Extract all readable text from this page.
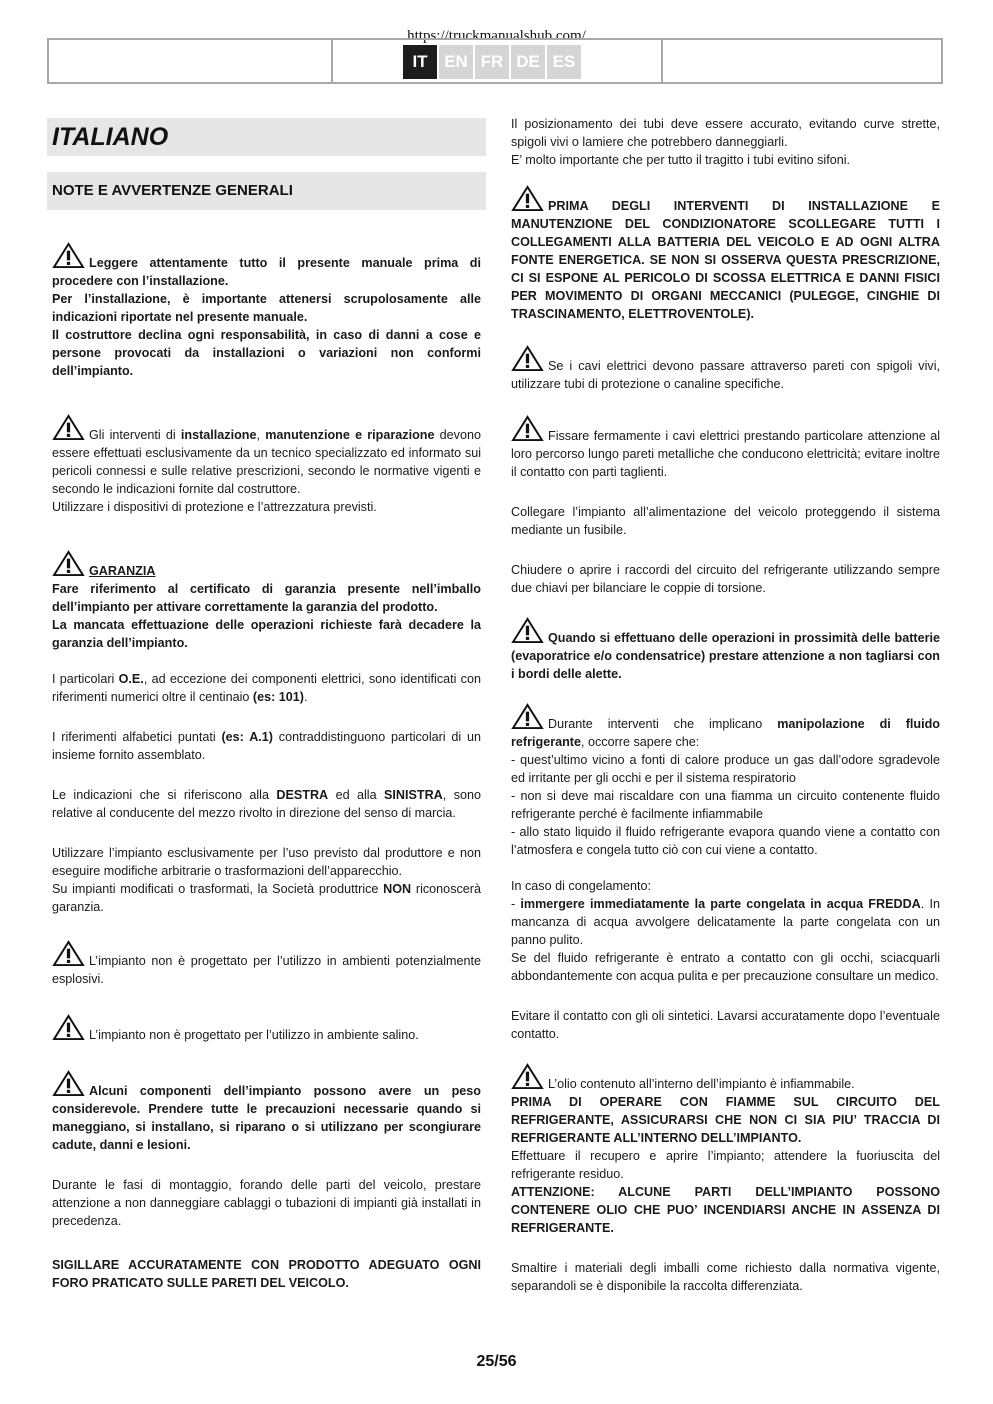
https://truckmanualshub.com/
IT EN FR DE ES
ITALIANO
NOTE E AVVERTENZE GENERALI

Leggere attentamente tutto il presente manuale prima di procedere con l’installazione.
Per l’installazione, è importante attenersi scrupolosamente alle indicazioni riportate nel presente manuale.
Il costruttore declina ogni responsabilità, in caso di danni a cose e persone provocati da installazioni o variazioni non conformi dell’impianto.

Gli interventi di installazione, manutenzione e riparazione devono essere effettuati esclusivamente da un tecnico specializzato ed informato sui pericoli connessi e sulle relative prescrizioni, secondo le normative vigenti e secondo le indicazioni fornite dal costruttore.
Utilizzare i dispositivi di protezione e l’attrezzatura previsti.

GARANZIA
Fare riferimento al certificato di garanzia presente nell’imballo dell’impianto per attivare correttamente la garanzia del prodotto.
La mancata effettuazione delle operazioni richieste farà decadere la garanzia dell’impianto.

I particolari O.E., ad eccezione dei componenti elettrici, sono identificati con riferimenti numerici oltre il centinaio (es: 101).

I riferimenti alfabetici puntati (es: A.1) contraddistinguono particolari di un insieme fornito assemblato.

Le indicazioni che si riferiscono alla DESTRA ed alla SINISTRA, sono relative al conducente del mezzo rivolto in direzione del senso di marcia.

Utilizzare l’impianto esclusivamente per l’uso previsto dal produttore e non eseguire modifiche arbitrarie o trasformazioni dell’apparecchio.
Su impianti modificati o trasformati, la Società produttrice NON riconoscerà garanzia.

L’impianto non è progettato per l’utilizzo in ambienti potenzialmente esplosivi.

L’impianto non è progettato per l’utilizzo in ambiente salino.

Alcuni componenti dell’impianto possono avere un peso considerevole. Prendere tutte le precauzioni necessarie quando si maneggiano, si installano, si riparano o si utilizzano per scongiurare cadute, danni e lesioni.

Durante le fasi di montaggio, forando delle parti del veicolo, prestare attenzione a non danneggiare cablaggi o tubazioni di impianti già installati in precedenza.

SIGILLARE ACCURATAMENTE CON PRODOTTO ADEGUATO OGNI FORO PRATICATO SULLE PARETI DEL VEICOLO.

Il posizionamento dei tubi deve essere accurato, evitando curve strette, spigoli vivi o lamiere che potrebbero danneggiarli.
E’ molto importante che per tutto il tragitto i tubi evitino sifoni.

PRIMA DEGLI INTERVENTI DI INSTALLAZIONE E MANUTENZIONE DEL CONDIZIONATORE SCOLLEGARE TUTTI I COLLEGAMENTI ALLA BATTERIA DEL VEICOLO E AD OGNI ALTRA FONTE ENERGETICA. SE NON SI OSSERVA QUESTA PRESCRIZIONE, CI SI ESPONE AL PERICOLO DI SCOSSA ELETTRICA E DANNI FISICI PER MOVIMENTO DI ORGANI MECCANICI (PULEGGE, CINGHIE DI TRASCINAMENTO, ELETTROVENTOLE).

Se i cavi elettrici devono passare attraverso pareti con spigoli vivi, utilizzare tubi di protezione o canaline specifiche.

Fissare fermamente i cavi elettrici prestando particolare attenzione al loro percorso lungo pareti metalliche che conducono elettricità; evitare inoltre il contatto con parti taglienti.

Collegare l’impianto all’alimentazione del veicolo proteggendo il sistema mediante un fusibile.

Chiudere o aprire i raccordi del circuito del refrigerante utilizzando sempre due chiavi per bilanciare le coppie di torsione.

Quando si effettuano delle operazioni in prossimità delle batterie (evaporatrice e/o condensatrice) prestare attenzione a non tagliarsi con i bordi delle alette.

Durante interventi che implicano manipolazione di fluido refrigerante, occorre sapere che:
- quest’ultimo vicino a fonti di calore produce un gas dall’odore sgradevole ed irritante per gli occhi e per il sistema respiratorio
- non si deve mai riscaldare con una fiamma un circuito contenente fluido refrigerante perché è facilmente infiammabile
- allo stato liquido il fluido refrigerante evapora quando viene a contatto con l’atmosfera e congela tutto ciò con cui viene a contatto.

In caso di congelamento:
- immergere immediatamente la parte congelata in acqua FREDDA. In mancanza di acqua avvolgere delicatamente la parte congelata con un panno pulito.
Se del fluido refrigerante è entrato a contatto con gli occhi, sciacquarli abbondantemente con acqua pulita e per precauzione consultare un medico.

Evitare il contatto con gli oli sintetici. Lavarsi accuratamente dopo l’eventuale contatto.

L’olio contenuto all’interno dell’impianto è infiammabile.
PRIMA DI OPERARE CON FIAMME SUL CIRCUITO DEL REFRIGERANTE, ASSICURARSI CHE NON CI SIA PIU’ TRACCIA DI REFRIGERANTE ALL’INTERNO DELL’IMPIANTO.
Effettuare il recupero e aprire l’impianto; attendere la fuoriuscita del refrigerante residuo.
ATTENZIONE: ALCUNE PARTI DELL’IMPIANTO POSSONO CONTENERE OLIO CHE PUO’ INCENDIARSI ANCHE IN ASSENZA DI REFRIGERANTE.

Smaltire i materiali degli imballi come richiesto dalla normativa vigente, separandoli se è disponibile la raccolta differenziata.

25/56
